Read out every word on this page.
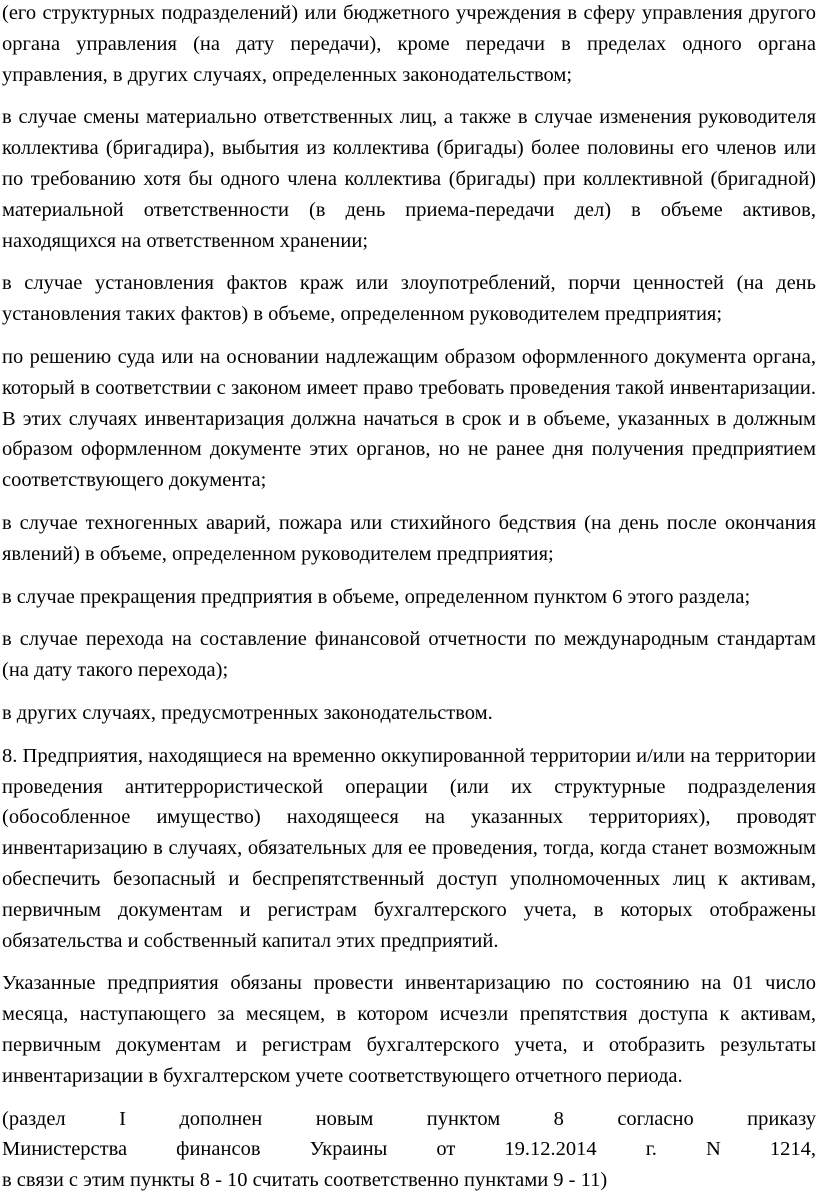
(его структурных подразделений) или бюджетного учреждения в сферу управления другого органа управления (на дату передачи), кроме передачи в пределах одного органа управления, в других случаях, определенных законодательством;

в случае смены материально ответственных лиц, а также в случае изменения руководителя коллектива (бригадира), выбытия из коллектива (бригады) более половины его членов или по требованию хотя бы одного члена коллектива (бригады) при коллективной (бригадной) материальной ответственности (в день приема-передачи дел) в объеме активов, находящихся на ответственном хранении;

в случае установления фактов краж или злоупотреблений, порчи ценностей (на день установления таких фактов) в объеме, определенном руководителем предприятия;

по решению суда или на основании надлежащим образом оформленного документа органа, который в соответствии с законом имеет право требовать проведения такой инвентаризации. В этих случаях инвентаризация должна начаться в срок и в объеме, указанных в должным образом оформленном документе этих органов, но не ранее дня получения предприятием соответствующего документа;

в случае техногенных аварий, пожара или стихийного бедствия (на день после окончания явлений) в объеме, определенном руководителем предприятия;

в случае прекращения предприятия в объеме, определенном пунктом 6 этого раздела;

в случае перехода на составление финансовой отчетности по международным стандартам (на дату такого перехода);

в других случаях, предусмотренных законодательством.

8. Предприятия, находящиеся на временно оккупированной территории и/или на территории проведения антитеррористической операции (или их структурные подразделения (обособленное имущество) находящееся на указанных территориях), проводят инвентаризацию в случаях, обязательных для ее проведения, тогда, когда станет возможным обеспечить безопасный и беспрепятственный доступ уполномоченных лиц к активам, первичным документам и регистрам бухгалтерского учета, в которых отображены обязательства и собственный капитал этих предприятий.

Указанные предприятия обязаны провести инвентаризацию по состоянию на 01 число месяца, наступающего за месяцем, в котором исчезли препятствия доступа к активам, первичным документам и регистрам бухгалтерского учета, и отобразить результаты инвентаризации в бухгалтерском учете соответствующего отчетного периода.

(раздел I дополнен новым пунктом 8 согласно приказу
Министерства финансов Украины от 19.12.2014 г. N 1214,
в связи с этим пункты 8 - 10 считать соответственно пунктами 9 - 11)
